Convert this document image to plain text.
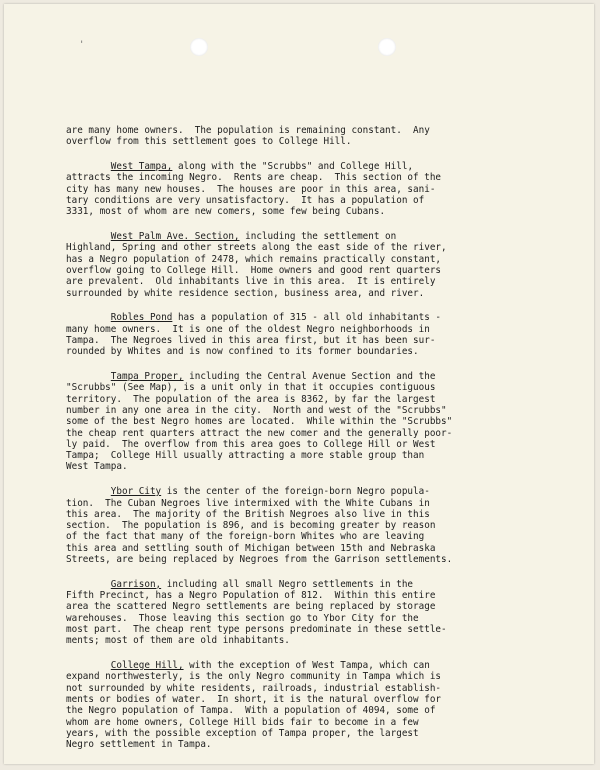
'
are many home owners.  The population is remaining constant.  Any
overflow from this settlement goes to College Hill.
West Tampa, along with the "Scrubbs" and College Hill,
attracts the incoming Negro.  Rents are cheap.  This section of the
city has many new houses.  The houses are poor in this area, sani-
tary conditions are very unsatisfactory.  It has a population of
3331, most of whom are new comers, some few being Cubans.
West Palm Ave. Section, including the settlement on
Highland, Spring and other streets along the east side of the river,
has a Negro population of 2478, which remains practically constant,
overflow going to College Hill.  Home owners and good rent quarters
are prevalent.  Old inhabitants live in this area.  It is entirely
surrounded by white residence section, business area, and river.
Robles Pond has a population of 315 - all old inhabitants -
many home owners.  It is one of the oldest Negro neighborhoods in
Tampa.  The Negroes lived in this area first, but it has been sur-
rounded by Whites and is now confined to its former boundaries.
Tampa Proper, including the Central Avenue Section and the
"Scrubbs" (See Map), is a unit only in that it occupies contiguous
territory.  The population of the area is 8362, by far the largest
number in any one area in the city.  North and west of the "Scrubbs"
some of the best Negro homes are located.  While within the "Scrubbs"
the cheap rent quarters attract the new comer and the generally poor-
ly paid.  The overflow from this area goes to College Hill or West
Tampa;  College Hill usually attracting a more stable group than
West Tampa.
Ybor City is the center of the foreign-born Negro popula-
tion.  The Cuban Negroes live intermixed with the White Cubans in
this area.  The majority of the British Negroes also live in this
section.  The population is 896, and is becoming greater by reason
of the fact that many of the foreign-born Whites who are leaving
this area and settling south of Michigan between 15th and Nebraska
Streets, are being replaced by Negroes from the Garrison settlements.
Garrison, including all small Negro settlements in the
Fifth Precinct, has a Negro Population of 812.  Within this entire
area the scattered Negro settlements are being replaced by storage
warehouses.  Those leaving this section go to Ybor City for the
most part.  The cheap rent type persons predominate in these settle-
ments; most of them are old inhabitants.
College Hill, with the exception of West Tampa, which can
expand northwesterly, is the only Negro community in Tampa which is
not surrounded by white residents, railroads, industrial establish-
ments or bodies of water.  In short, it is the natural overflow for
the Negro population of Tampa.  With a population of 4094, some of
whom are home owners, College Hill bids fair to become in a few
years, with the possible exception of Tampa proper, the largest
Negro settlement in Tampa.
